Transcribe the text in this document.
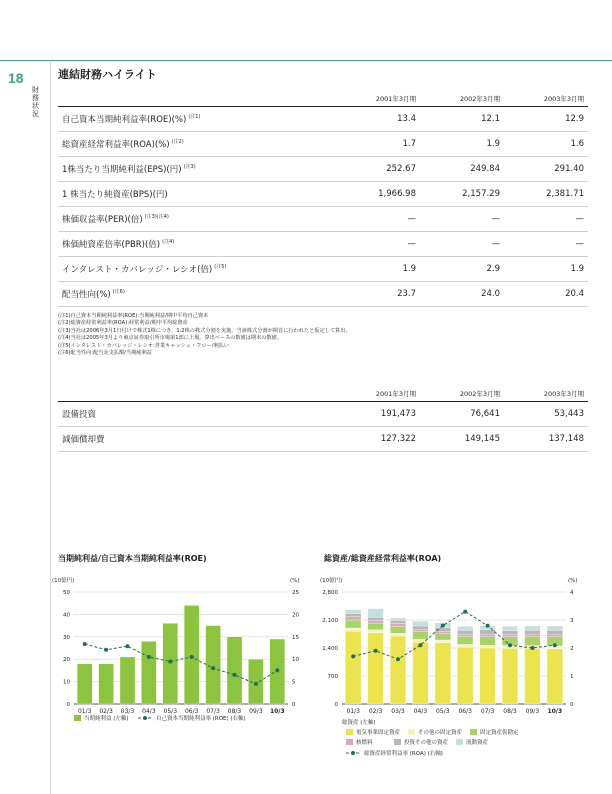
18
財務状況
連結財務ハイライト
	2001年3月期	2002年3月期	2003年3月期
自己資本当期純利益率(ROE)(%) $^{(注1)}$	13.4	12.1	12.9
総資産経常利益率(ROA)(%) $^{(注2)}$	1.7	1.9	1.6
1株当たり当期純利益(EPS)(円) $^{(注3)}$	252.67	249.84	291.40
1 株当たり純資産(BPS)(円)	1,966.98	2,157.29	2,381.71
株価収益率(PER)(倍) $^{(注3)(注4)}$	—	—	—
株価純資産倍率(PBR)(倍) $^{(注4)}$	—	—	—
インタレスト・カバレッジ・レシオ(倍) $^{(注5)}$	1.9	2.9	1.9
配当性向(%) $^{(注6)}$	23.7	24.0	20.4
(注1)自己資本当期純利益率(ROE):当期純利益/期中平均自己資本
(注2)総資産経常利益率(ROA):経常利益/期中平均総資産
(注3)当社は2006年3月1日付けで株式1株につき、1.2株の株式分割を実施。当該株式分割が期首に行われたと仮定して算出。
(注4)当社は2005年3月より東京証券取引所市場第1部に上場。算出ベースの数値は期末の数値。
(注5)インタレスト・カバレッジ・レシオ:営業キャッシュ・フロー/利払い
(注6)配当性向:配当金支払額/当期純利益
	2001年3月期	2002年3月期	2003年3月期
設備投資	191,473	76,641	53,443
減価償却費	127,322	149,145	137,148
当期純利益/自己資本当期純利益率(ROE)	総資産/総資産経常利益率(ROA)
(10億円)	(%)
0
10
20
30
40
50
0
5
10
15
20
25
01/3 02/3 03/3 04/3 05/3 06/3 07/3 08/3 09/3 10/3
当期純利益 (左軸)	自己資本当期純利益率 (ROE) (右軸)
(10億円)	(%)
0
700
1,400
2,100
2,800
0
1
2
3
4
01/3 02/3 03/3 04/3 05/3 06/3 07/3 08/3 09/3 10/3
総資産 (左軸)
電気事業固定資産	その他の固定資産	固定資産仮勘定
核燃料	投資その他の資産	流動資産
総資産経常利益率 (ROA) (右軸)
